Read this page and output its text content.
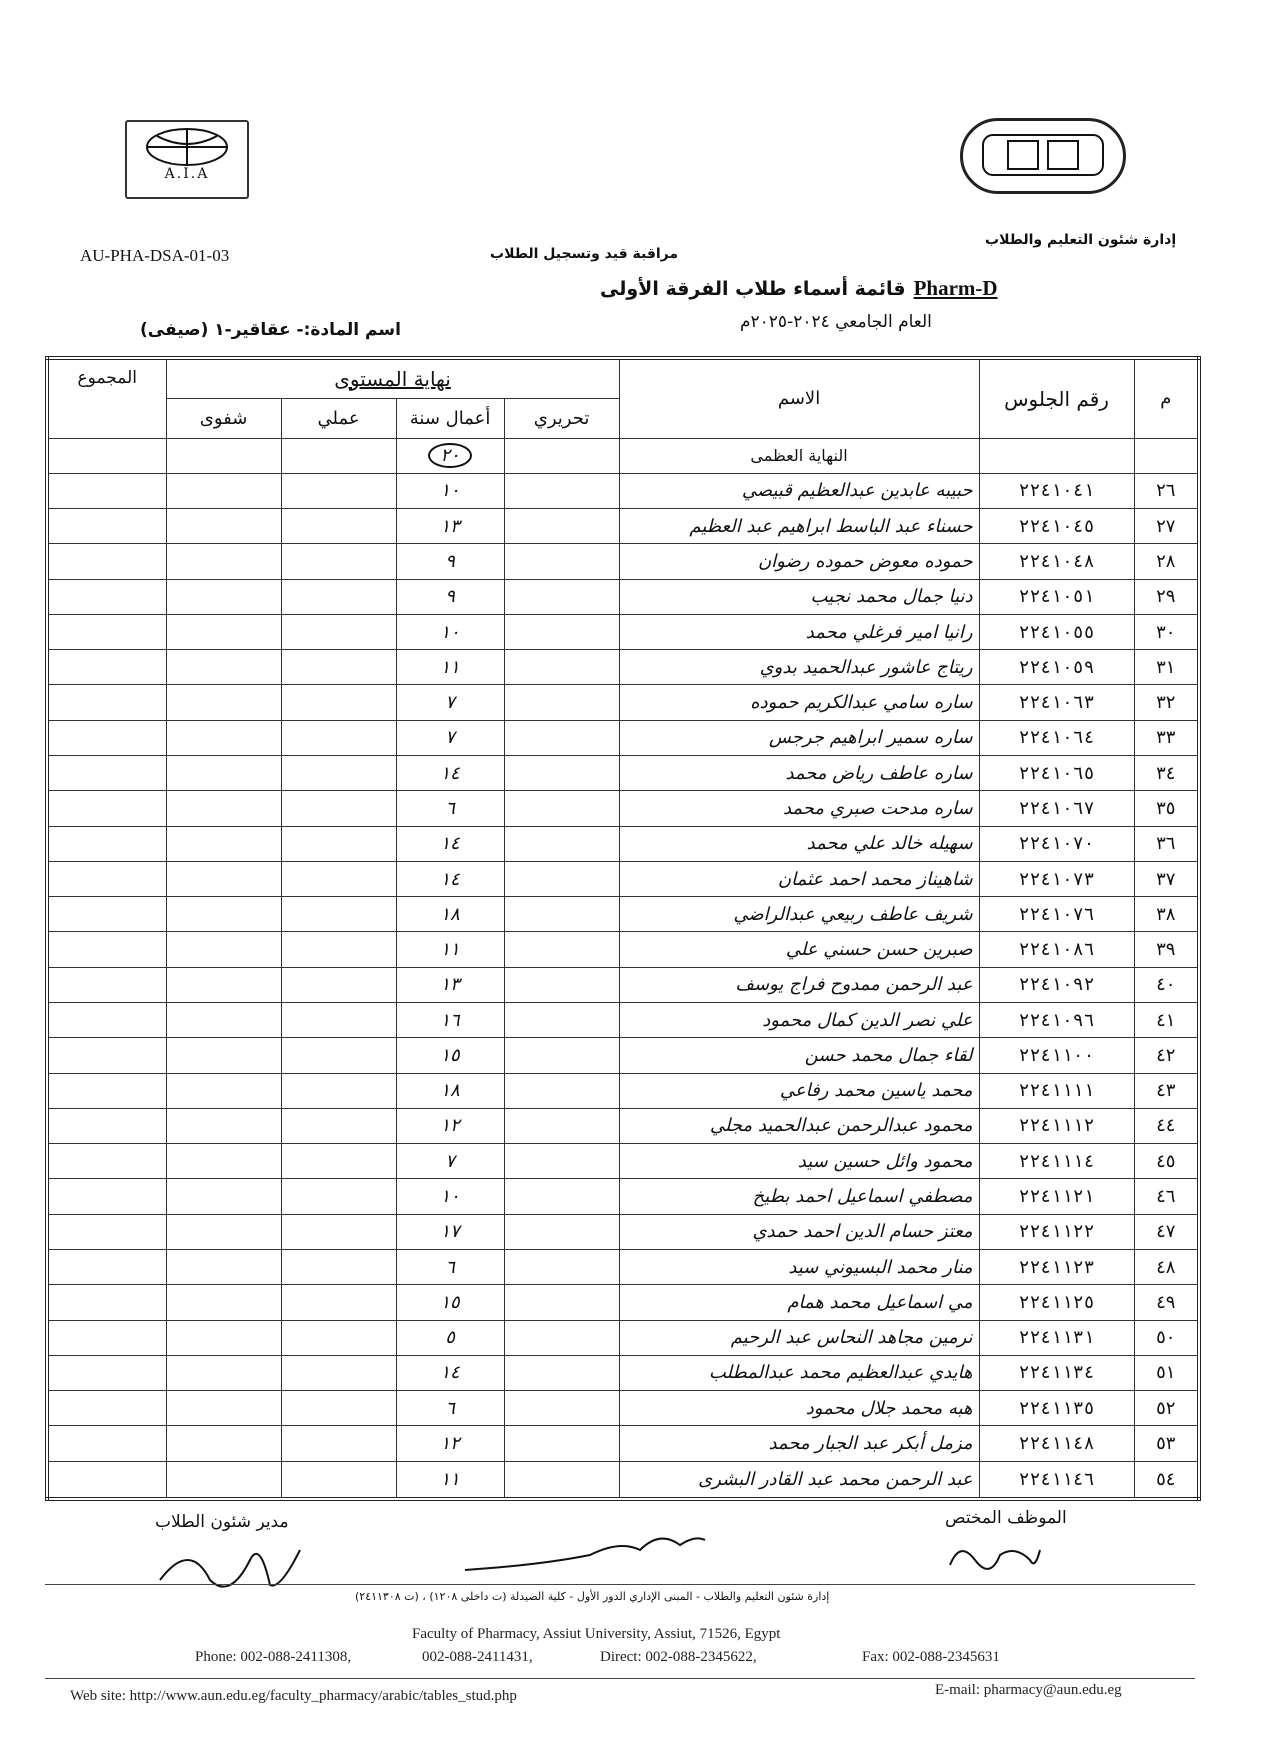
A.I.A
AU-PHA-DSA-01-03	مراقبة قيد وتسجيل الطلاب
إدارة شئون التعليم والطلاب
قائمة أسماء طلاب الفرقة الأولى Pharm-D
العام الجامعي ٢٠٢٤-٢٠٢٥م
اسم المادة:- عقاقير-١ (صيفى)
م	رقم الجلوس	الاسم	نهاية المستوى				المجموع
			تحريري	أعمال سنة	عملي	شفوى	
		النهاية العظمى		٢٠			
٢٦	٢٢٤١٠٤١	حبيبه عابدين عبدالعظيم قبيصي		١٠			
٢٧	٢٢٤١٠٤٥	حسناء عبد الباسط ابراهيم عبد العظيم		١٣			
٢٨	٢٢٤١٠٤٨	حموده معوض حموده رضوان		٩			
٢٩	٢٢٤١٠٥١	دنيا جمال محمد نجيب		٩			
٣٠	٢٢٤١٠٥٥	رانيا امير فرغلي محمد		١٠			
٣١	٢٢٤١٠٥٩	ريتاج عاشور عبدالحميد بدوي		١١			
٣٢	٢٢٤١٠٦٣	ساره سامي عبدالكريم حموده		٧			
٣٣	٢٢٤١٠٦٤	ساره سمير ابراهيم جرجس		٧			
٣٤	٢٢٤١٠٦٥	ساره عاطف رياض محمد		١٤			
٣٥	٢٢٤١٠٦٧	ساره مدحت صبري محمد		٦			
٣٦	٢٢٤١٠٧٠	سهيله خالد علي محمد		١٤			
٣٧	٢٢٤١٠٧٣	شاهيناز محمد احمد عثمان		١٤			
٣٨	٢٢٤١٠٧٦	شريف عاطف ربيعي عبدالراضي		١٨			
٣٩	٢٢٤١٠٨٦	صبرين حسن حسني علي		١١			
٤٠	٢٢٤١٠٩٢	عبد الرحمن ممدوح فراج يوسف		١٣			
٤١	٢٢٤١٠٩٦	علي نصر الدين كمال محمود		١٦			
٤٢	٢٢٤١١٠٠	لقاء جمال محمد حسن		١٥			
٤٣	٢٢٤١١١١	محمد ياسين محمد رفاعي		١٨			
٤٤	٢٢٤١١١٢	محمود عبدالرحمن عبدالحميد مجلي		١٢			
٤٥	٢٢٤١١١٤	محمود وائل حسين سيد		٧			
٤٦	٢٢٤١١٢١	مصطفي اسماعيل احمد بطيخ		١٠			
٤٧	٢٢٤١١٢٢	معتز حسام الدين احمد حمدي		١٧			
٤٨	٢٢٤١١٢٣	منار محمد البسيوني سيد		٦			
٤٩	٢٢٤١١٢٥	مي اسماعيل محمد همام		١٥			
٥٠	٢٢٤١١٣١	نرمين مجاهد النحاس عبد الرحيم		٥			
٥١	٢٢٤١١٣٤	هايدي عبدالعظيم محمد عبدالمطلب		١٤			
٥٢	٢٢٤١١٣٥	هبه محمد جلال محمود		٦			
٥٣	٢٢٤١١٤٨	مزمل أبكر عبد الجبار محمد		١٢			
٥٤	٢٢٤١١٤٦	عبد الرحمن محمد عبد القادر البشرى		١١			
الموظف المختص
مدير شئون الطلاب
إدارة شئون التعليم والطلاب - المبنى الإداري الدور الأول - كلية الصيدلة (ت داخلى ١٢٠٨) ، (ت ٢٤١١٣٠٨)
Faculty of Pharmacy, Assiut University, Assiut, 71526, Egypt
Phone: 002-088-2411308,	002-088-2411431,	Direct: 002-088-2345622,	Fax: 002-088-2345631
Web site: http://www.aun.edu.eg/faculty_pharmacy/arabic/tables_stud.php	E-mail: pharmacy@aun.edu.eg
